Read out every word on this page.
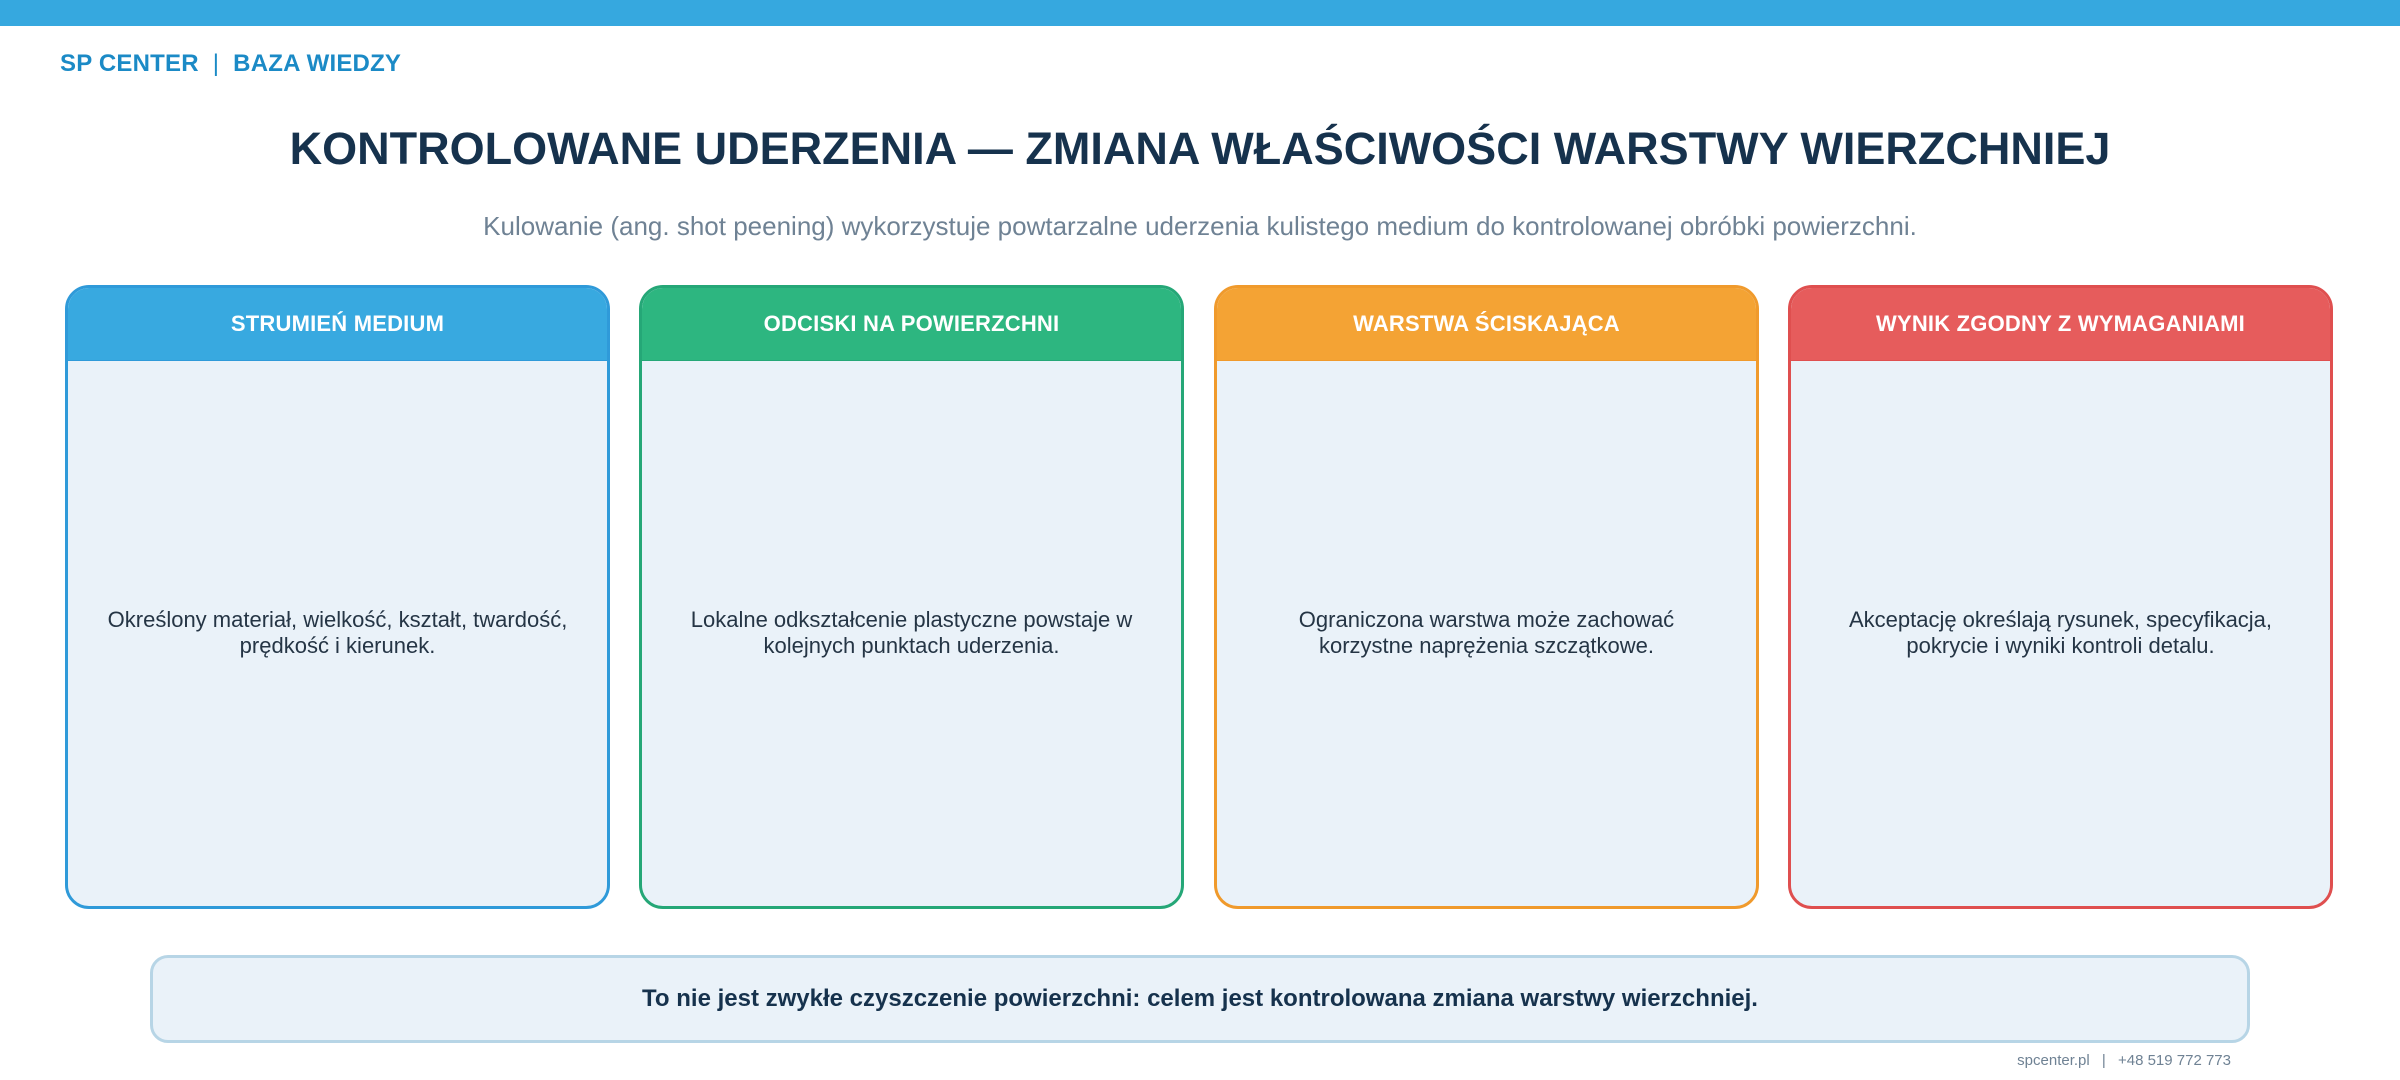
SP CENTER | BAZA WIEDZY
KONTROLOWANE UDERZENIA — ZMIANA WŁAŚCIWOŚCI WARSTWY WIERZCHNIEJ
Kulowanie (ang. shot peening) wykorzystuje powtarzalne uderzenia kulistego medium do kontrolowanej obróbki powierzchni.
STRUMIEŃ MEDIUM
Określony materiał, wielkość, kształt, twardość, prędkość i kierunek.
ODCISKI NA POWIERZCHNI
Lokalne odkształcenie plastyczne powstaje w kolejnych punktach uderzenia.
WARSTWA ŚCISKAJĄCA
Ograniczona warstwa może zachować korzystne naprężenia szczątkowe.
WYNIK ZGODNY Z WYMAGANIAMI
Akceptację określają rysunek, specyfikacja, pokrycie i wyniki kontroli detalu.
To nie jest zwykłe czyszczenie powierzchni: celem jest kontrolowana zmiana warstwy wierzchniej.
spcenter.pl | +48 519 772 773
